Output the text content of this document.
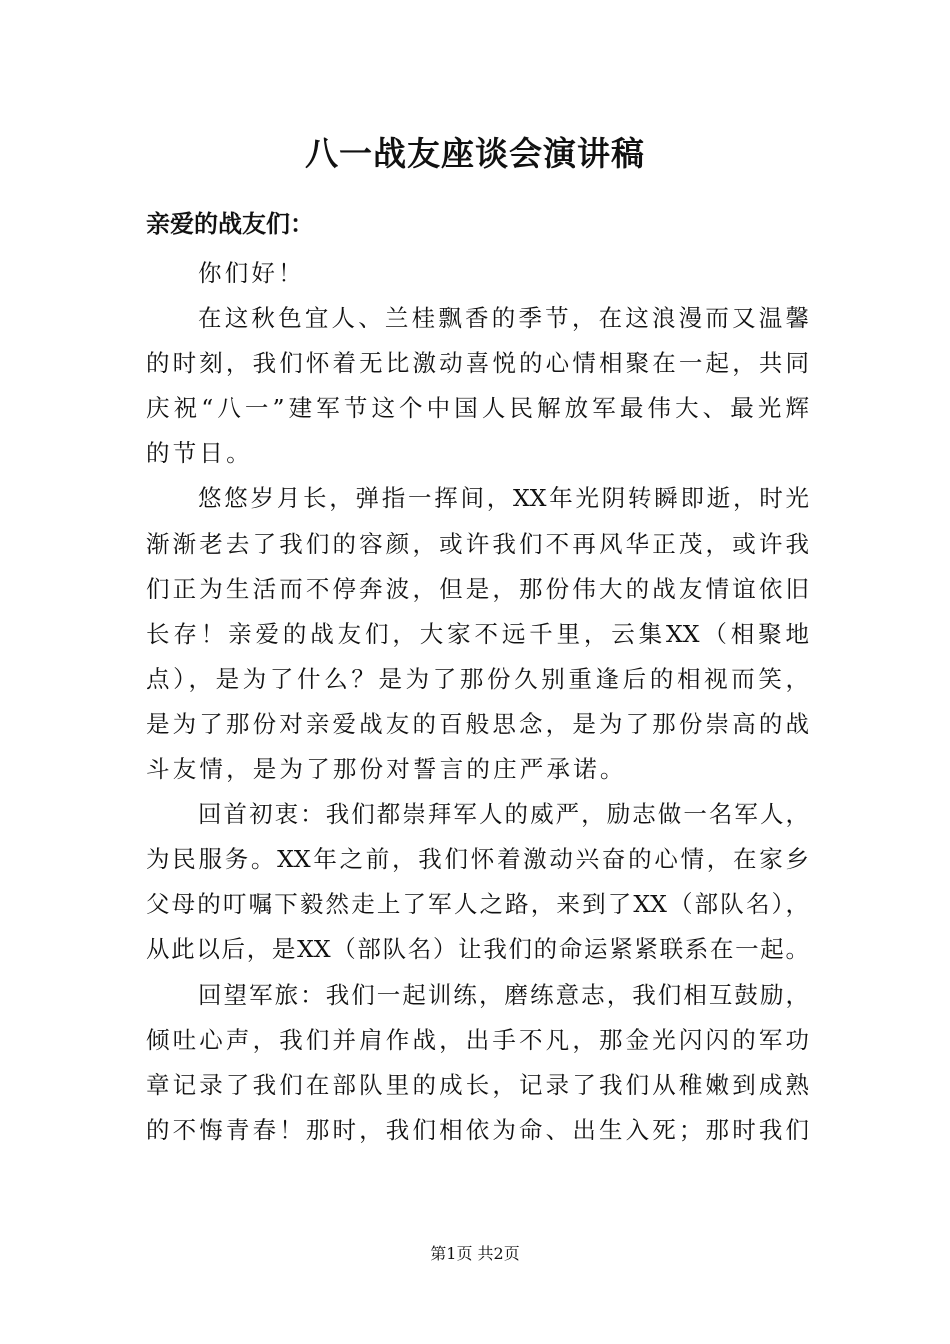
八一战友座谈会演讲稿
亲爱的战友们：
你们好！
在这秋色宜人、兰桂飘香的季节，在这浪漫而又温馨
的时刻，我们怀着无比激动喜悦的心情相聚在一起，共同
庆祝“八一”建军节这个中国人民解放军最伟大、最光辉
的节日。
悠悠岁月长，弹指一挥间，XX年光阴转瞬即逝，时光
渐渐老去了我们的容颜，或许我们不再风华正茂，或许我
们正为生活而不停奔波，但是，那份伟大的战友情谊依旧
长存！亲爱的战友们，大家不远千里，云集XX（相聚地
点），是为了什么？是为了那份久别重逢后的相视而笑，
是为了那份对亲爱战友的百般思念，是为了那份崇高的战
斗友情，是为了那份对誓言的庄严承诺。
回首初衷：我们都崇拜军人的威严，励志做一名军人，
为民服务。XX年之前，我们怀着激动兴奋的心情，在家乡
父母的叮嘱下毅然走上了军人之路，来到了XX（部队名），
从此以后，是XX（部队名）让我们的命运紧紧联系在一起。
回望军旅：我们一起训练，磨练意志，我们相互鼓励，
倾吐心声，我们并肩作战，出手不凡，那金光闪闪的军功
章记录了我们在部队里的成长，记录了我们从稚嫩到成熟
的不悔青春！那时，我们相依为命、出生入死；那时我们
第1页 共2页
